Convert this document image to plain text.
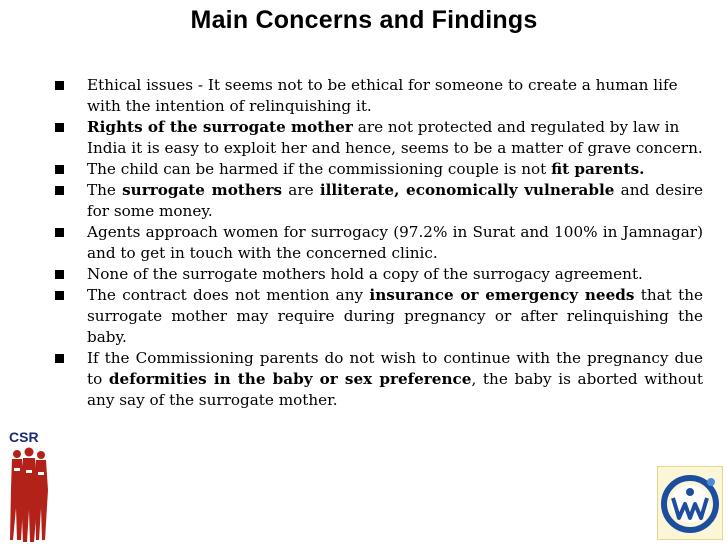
Main Concerns and Findings
Ethical issues - It seems not to be ethical for someone to create a human life with the intention of relinquishing it.
Rights of the surrogate mother are not protected and regulated by law in India it is easy to exploit her and hence, seems to be a matter of grave concern.
The child can be harmed if the commissioning couple is not fit parents.
The surrogate mothers are illiterate, economically vulnerable and desire for some money.
Agents approach women for surrogacy (97.2% in Surat and 100% in Jamnagar) and to get in touch with the concerned clinic.
None of the surrogate mothers hold a copy of the surrogacy agreement.
The contract does not mention any insurance or emergency needs that the surrogate mother may require during pregnancy or after relinquishing the baby.
If the Commissioning parents do not wish to continue with the pregnancy due to deformities in the baby or sex preference, the baby is aborted without any say of the surrogate mother.
CSR
